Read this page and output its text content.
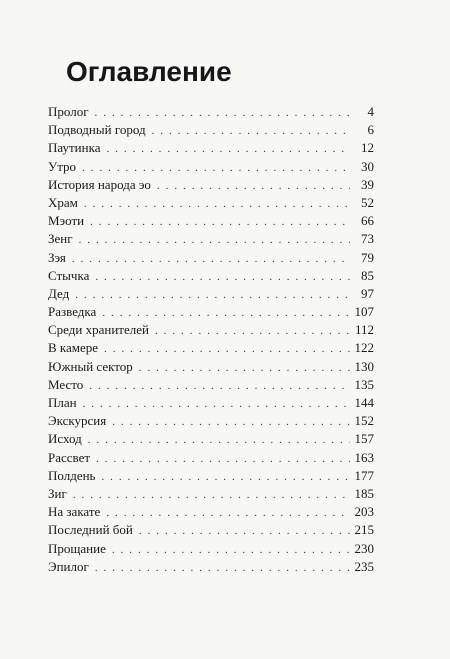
Оглавление
Пролог . . .	4
Подводный город . . .	6
Паутинка . . .	12
Утро . . .	30
История народа эо . . .	39
Храм . . .	52
Мэоти . . .	66
Зенг . . .	73
Зэя . . .	79
Стычка . . .	85
Дед . . .	97
Разведка . . .	107
Среди хранителей . . .	112
В камере . . .	122
Южный сектор . . .	130
Место . . .	135
План . . .	144
Экскурсия . . .	152
Исход . . .	157
Рассвет . . .	163
Полдень . . .	177
Зиг . . .	185
На закате . . .	203
Последний бой . . .	215
Прощание . . .	230
Эпилог . . .	235
